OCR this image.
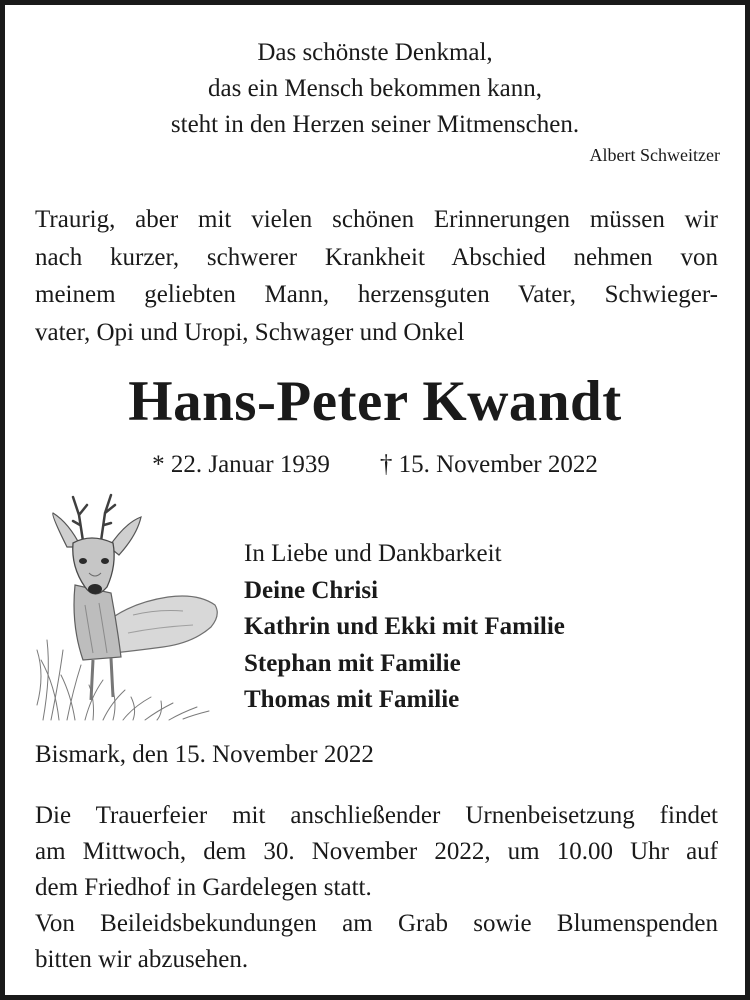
Das schönste Denkmal,
das ein Mensch bekommen kann,
steht in den Herzen seiner Mitmenschen.
Albert Schweitzer
Traurig, aber mit vielen schönen Erinnerungen müssen wir
nach kurzer, schwerer Krankheit Abschied nehmen von
meinem geliebten Mann, herzensguten Vater, Schwieger-
vater, Opi und Uropi, Schwager und Onkel
Hans-Peter Kwandt
* 22. Januar 1939 † 15. November 2022
In Liebe und Dankbarkeit
Deine Chrisi
Kathrin und Ekki mit Familie
Stephan mit Familie
Thomas mit Familie
Bismark, den 15. November 2022
Die Trauerfeier mit anschließender Urnenbeisetzung findet
am Mittwoch, dem 30. November 2022, um 10.00 Uhr auf
dem Friedhof in Gardelegen statt.
Von Beileidsbekundungen am Grab sowie Blumenspenden
bitten wir abzusehen.
